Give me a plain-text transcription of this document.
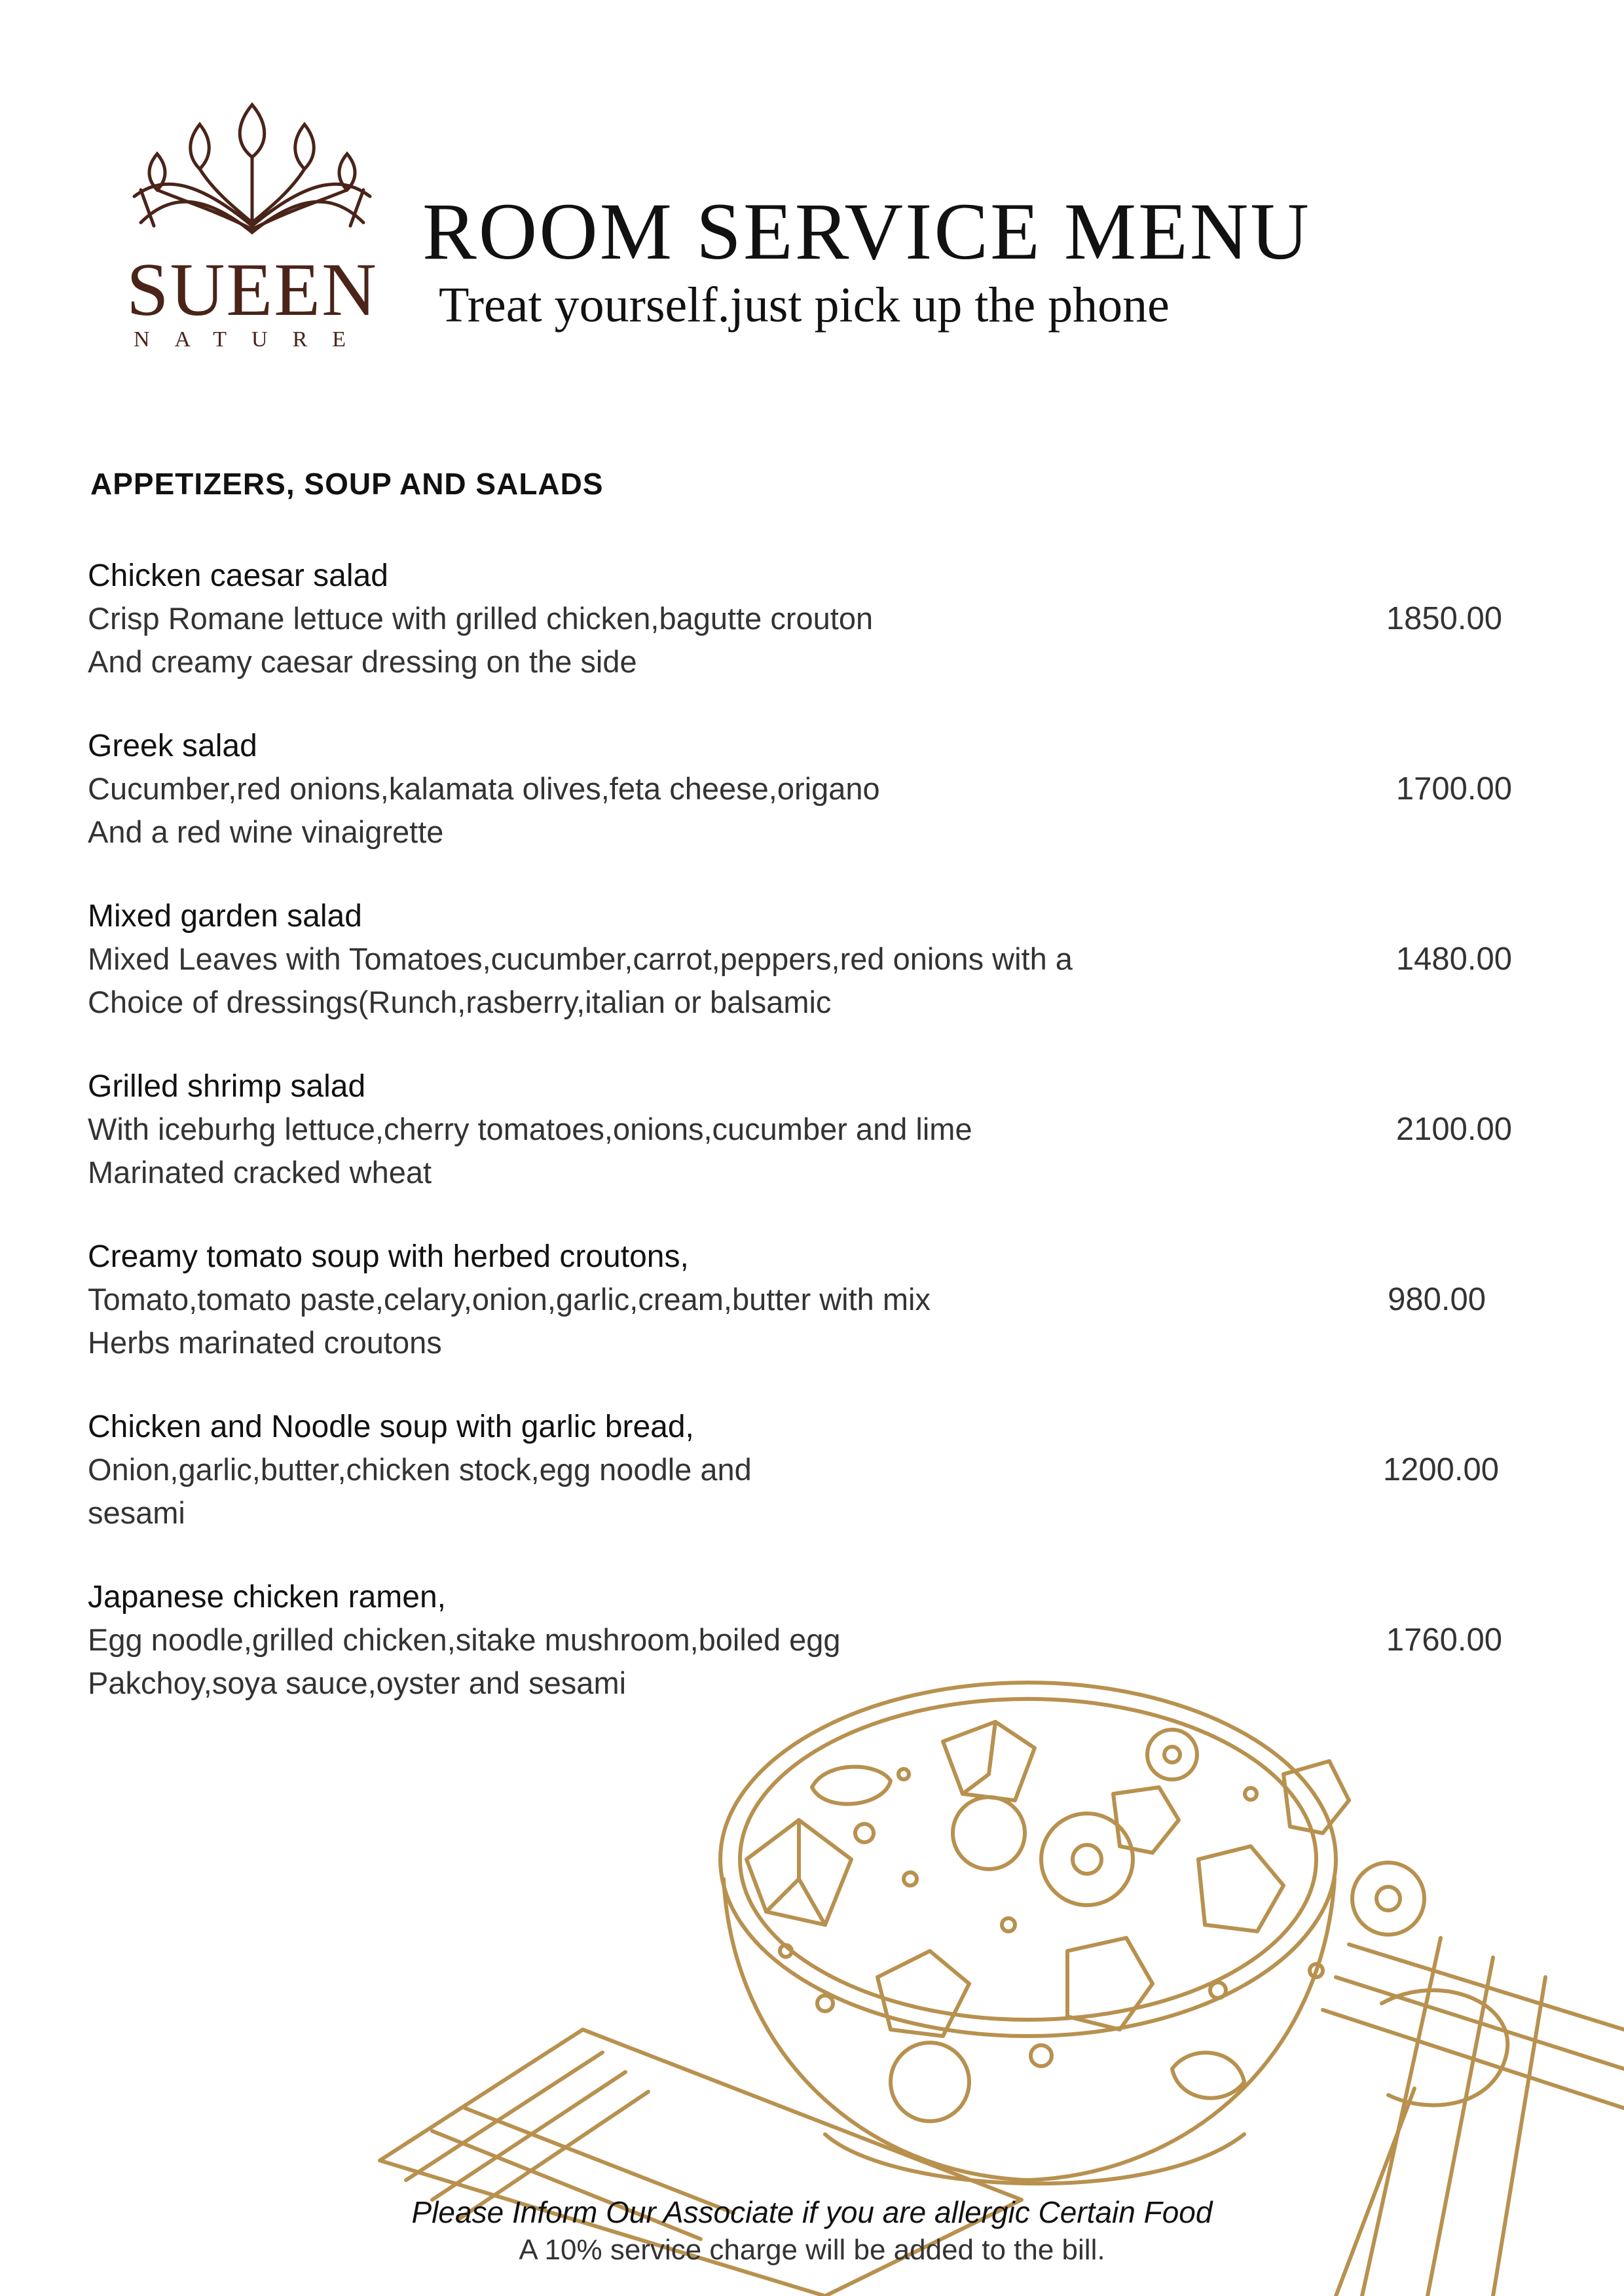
SUEEN
NATURE
ROOM SERVICE MENU
Treat yourself.just pick up the phone
APPETIZERS, SOUP AND SALADS
Chicken caesar salad
Crisp Romane lettuce with grilled chicken,bagutte crouton
And creamy caesar dressing on the side
1850.00
Greek salad
Cucumber,red onions,kalamata olives,feta cheese,origano
And a red wine vinaigrette
1700.00
Mixed garden salad
Mixed Leaves with Tomatoes,cucumber,carrot,peppers,red onions with a
Choice of dressings(Runch,rasberry,italian or balsamic
1480.00
Grilled shrimp salad
With iceburhg lettuce,cherry tomatoes,onions,cucumber and lime
Marinated cracked wheat
2100.00
Creamy tomato soup with herbed croutons,
Tomato,tomato paste,celary,onion,garlic,cream,butter with mix
Herbs marinated croutons
980.00
Chicken and Noodle soup with garlic bread,
Onion,garlic,butter,chicken stock,egg noodle and
sesami
1200.00
Japanese chicken ramen,
Egg noodle,grilled chicken,sitake mushroom,boiled egg
Pakchoy,soya sauce,oyster and sesami
1760.00
Please Inform Our Associate if you are allergic Certain Food
A 10% service charge will be added to the bill.
